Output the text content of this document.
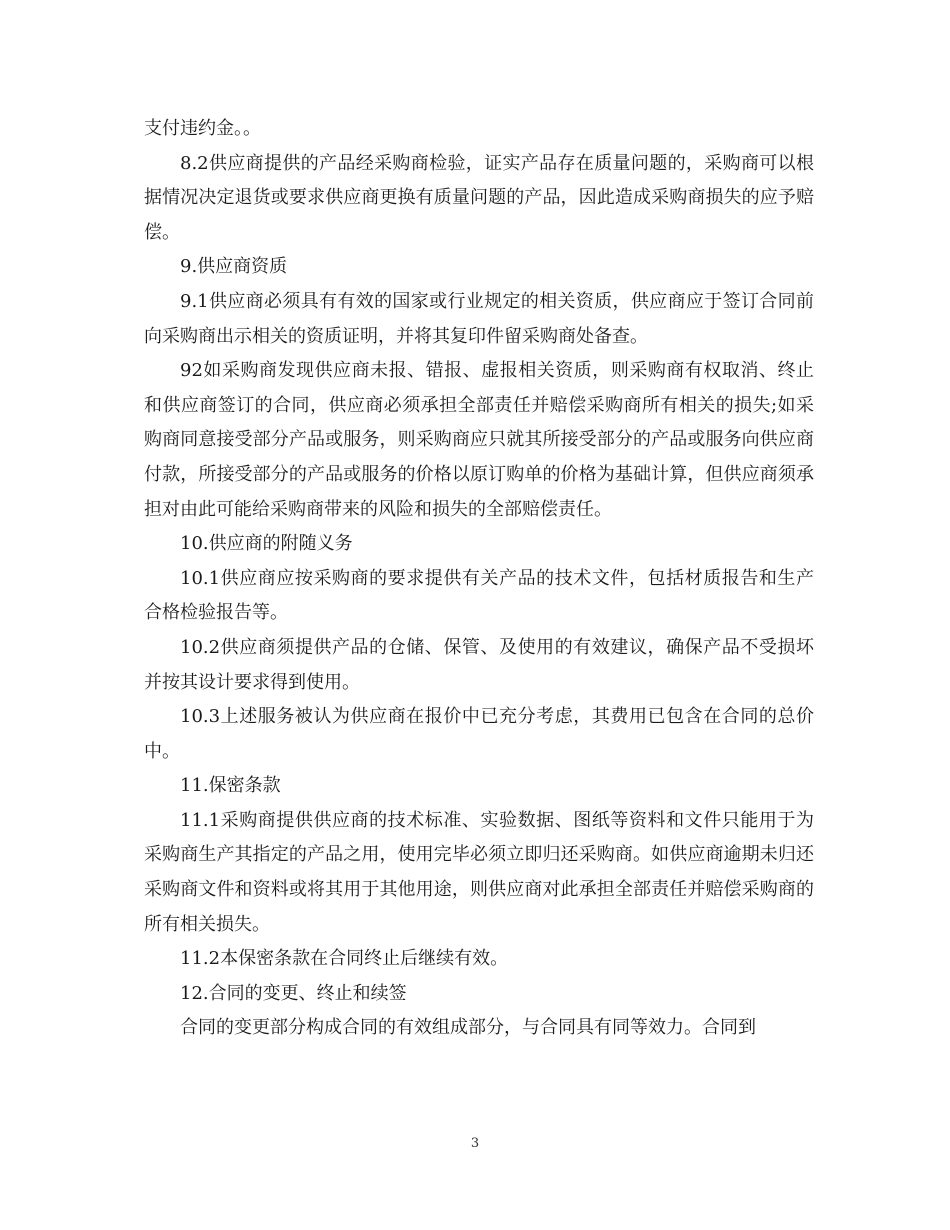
支付违约金。。

8.2供应商提供的产品经采购商检验，证实产品存在质量问题的，采购商可以根据情况决定退货或要求供应商更换有质量问题的产品，因此造成采购商损失的应予赔偿。

9.供应商资质

9.1供应商必须具有有效的国家或行业规定的相关资质，供应商应于签订合同前向采购商出示相关的资质证明，并将其复印件留采购商处备查。

92如采购商发现供应商未报、错报、虚报相关资质，则采购商有权取消、终止和供应商签订的合同，供应商必须承担全部责任并赔偿采购商所有相关的损失;如采购商同意接受部分产品或服务，则采购商应只就其所接受部分的产品或服务向供应商付款，所接受部分的产品或服务的价格以原订购单的价格为基础计算，但供应商须承担对由此可能给采购商带来的风险和损失的全部赔偿责任。

10.供应商的附随义务

10.1供应商应按采购商的要求提供有关产品的技术文件，包括材质报告和生产合格检验报告等。

10.2供应商须提供产品的仓储、保管、及使用的有效建议，确保产品不受损坏并按其设计要求得到使用。

10.3上述服务被认为供应商在报价中已充分考虑，其费用已包含在合同的总价中。

11.保密条款

11.1采购商提供供应商的技术标准、实验数据、图纸等资料和文件只能用于为采购商生产其指定的产品之用，使用完毕必须立即归还采购商。如供应商逾期未归还采购商文件和资料或将其用于其他用途，则供应商对此承担全部责任并赔偿采购商的所有相关损失。

11.2本保密条款在合同终止后继续有效。

12.合同的变更、终止和续签

合同的变更部分构成合同的有效组成部分，与合同具有同等效力。合同到

3
